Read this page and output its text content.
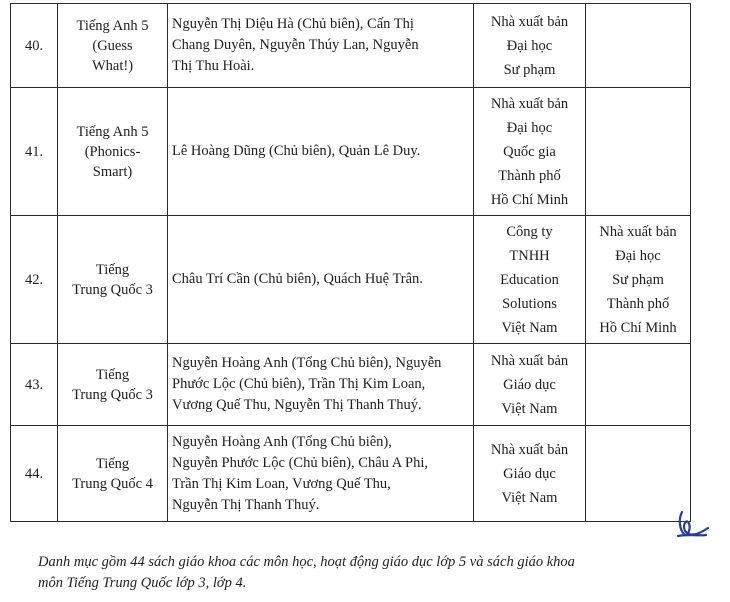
40.	Tiếng Anh 5
(Guess
What!)	Nguyễn Thị Diệu Hà (Chủ biên), Cấn Thị
Chang Duyên, Nguyễn Thúy Lan, Nguyễn
Thị Thu Hoài.	Nhà xuất bản
Đại học
Sư phạm	

41.	Tiếng Anh 5
(Phonics-
Smart)	Lê Hoàng Dũng (Chủ biên), Quản Lê Duy.	Nhà xuất bản
Đại học
Quốc gia
Thành phố
Hồ Chí Minh	

42.	Tiếng
Trung Quốc 3	Châu Trí Cần (Chủ biên), Quách Huệ Trân.	Công ty
TNHH
Education
Solutions
Việt Nam	Nhà xuất bản
Đại học
Sư phạm
Thành phố
Hồ Chí Minh

43.	Tiếng
Trung Quốc 3	Nguyễn Hoàng Anh (Tổng Chủ biên), Nguyễn
Phước Lộc (Chủ biên), Trần Thị Kim Loan,
Vương Quế Thu, Nguyễn Thị Thanh Thuý.	Nhà xuất bản
Giáo dục
Việt Nam	

44.	Tiếng
Trung Quốc 4	Nguyễn Hoàng Anh (Tổng Chủ biên),
Nguyễn Phước Lộc (Chủ biên), Châu A Phi,
Trần Thị Kim Loan, Vương Quế Thu,
Nguyễn Thị Thanh Thuý.	Nhà xuất bản
Giáo dục
Việt Nam	

Danh mục gồm 44 sách giáo khoa các môn học, hoạt động giáo dục lớp 5 và sách giáo khoa
môn Tiếng Trung Quốc lớp 3, lớp 4.
